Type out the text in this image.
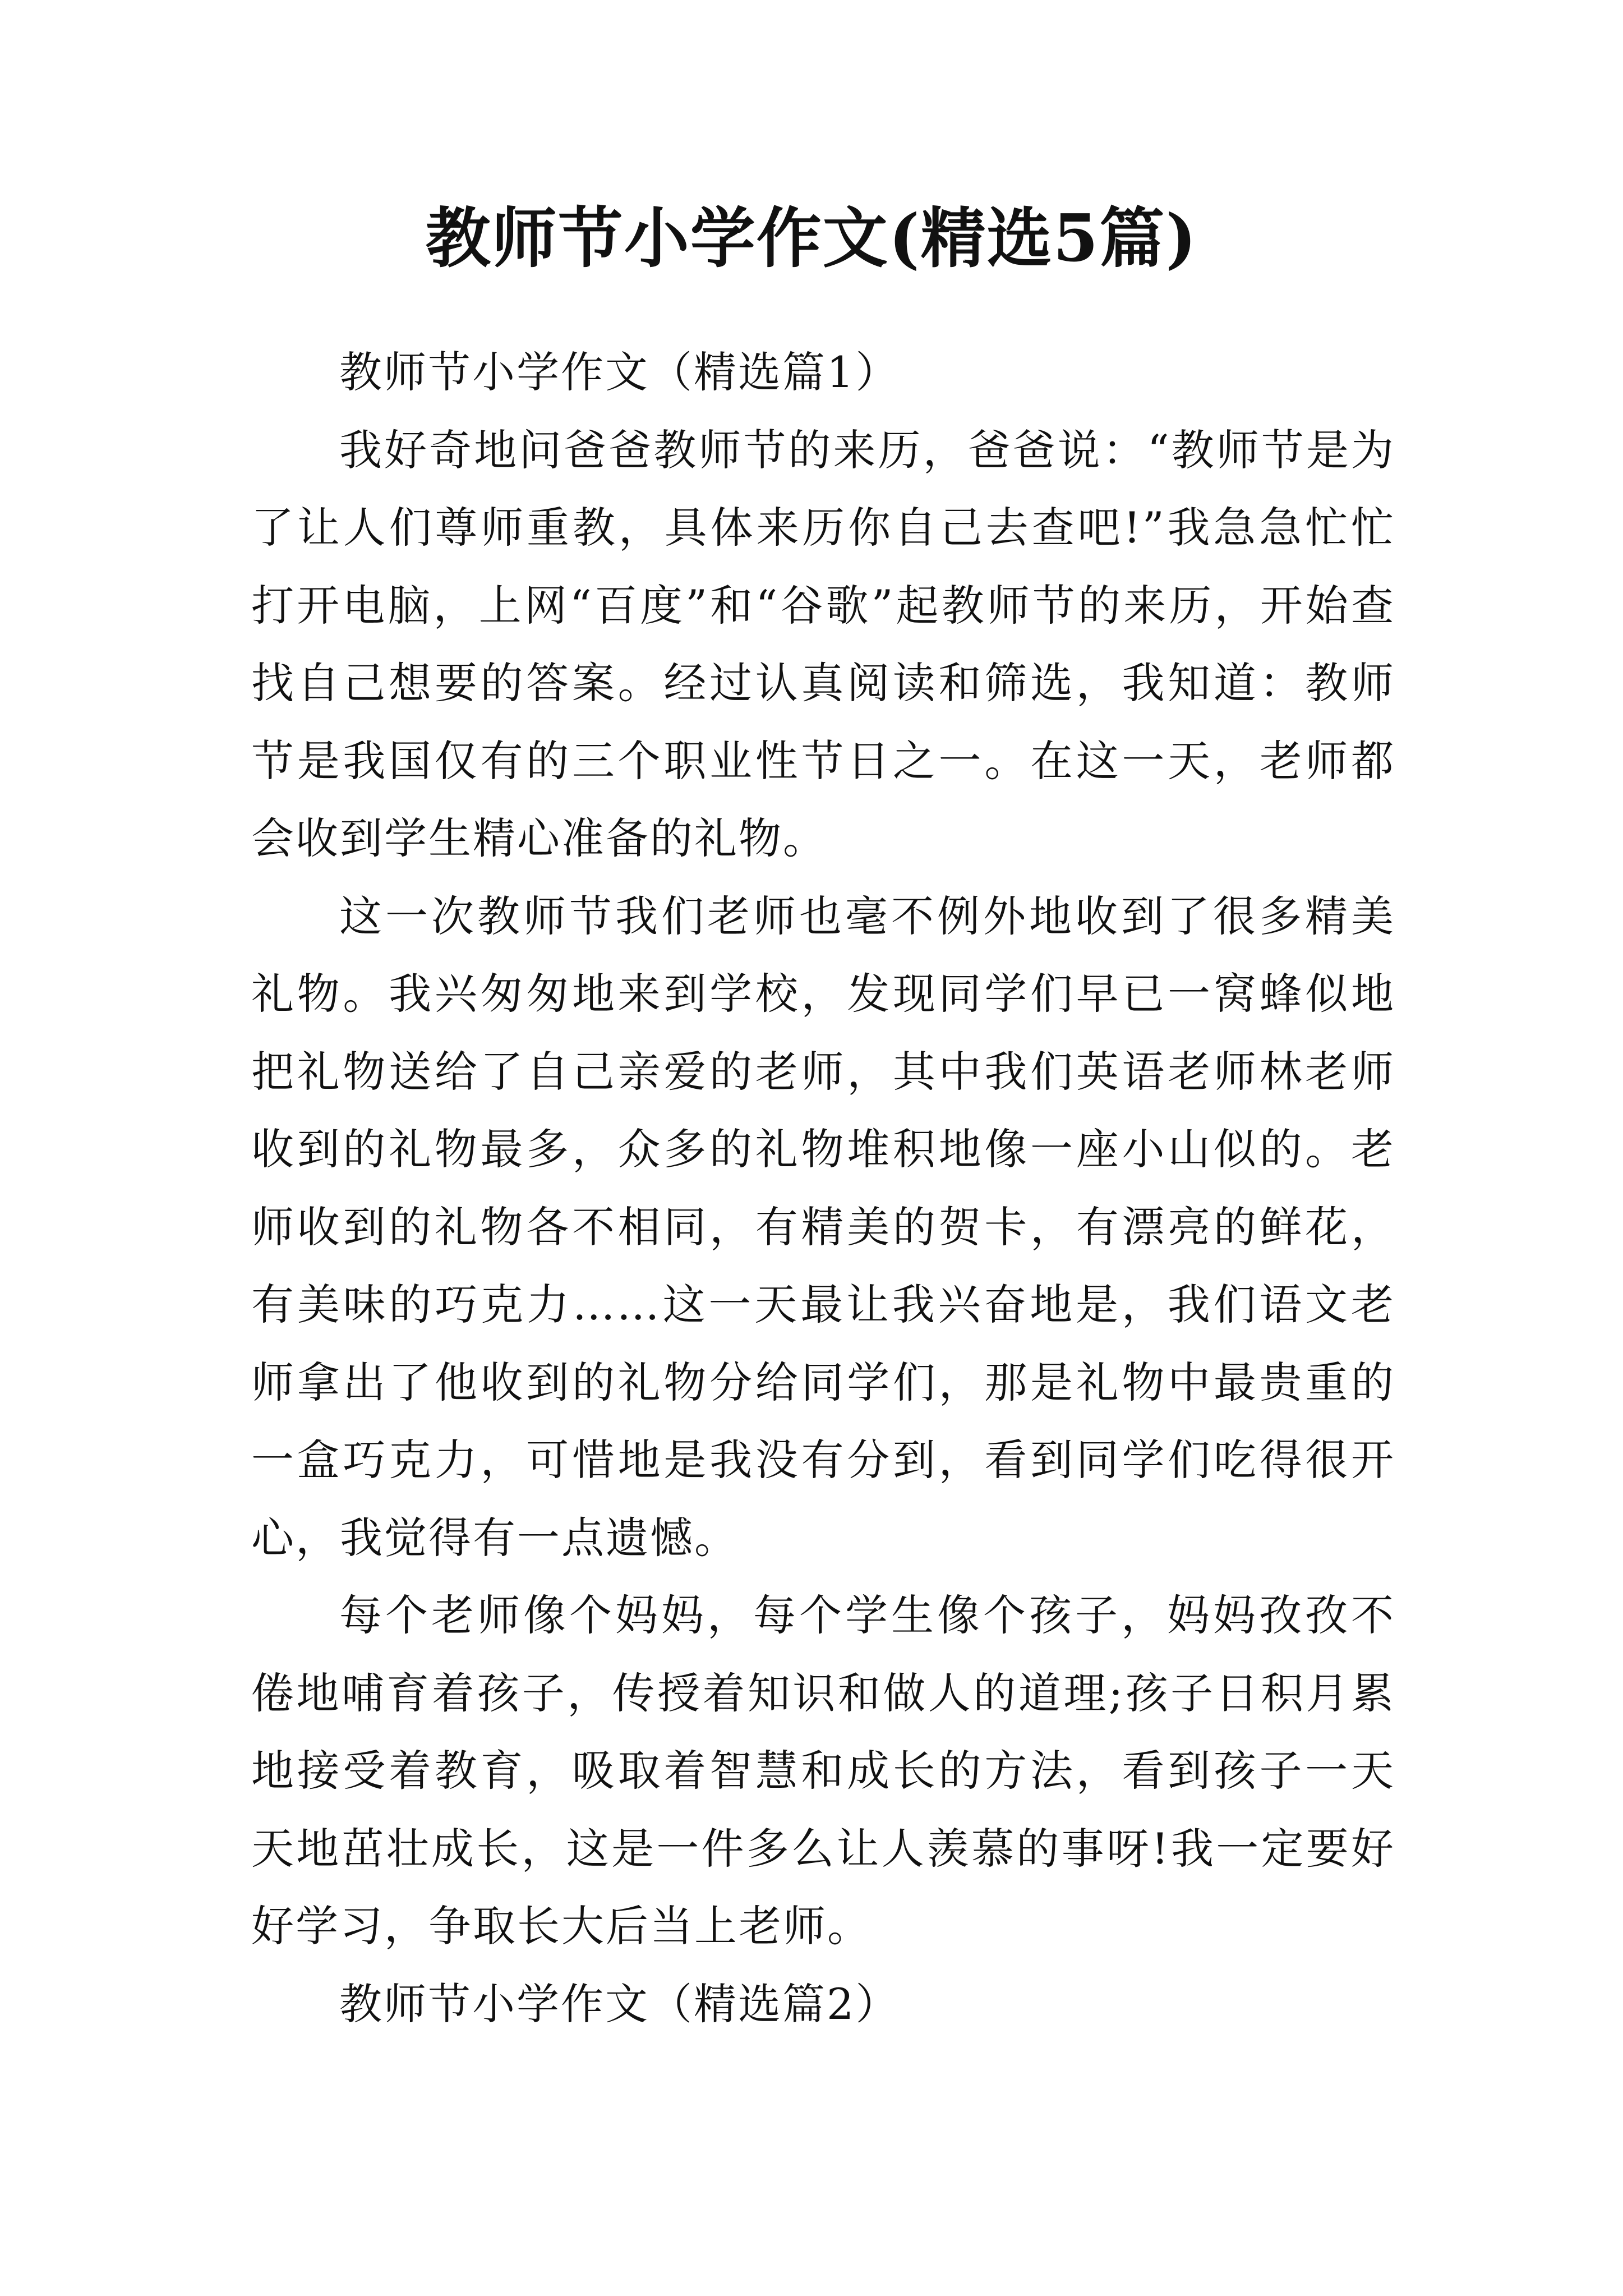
教师节小学作文(精选5篇)

教师节小学作文（精选篇1）

我好奇地问爸爸教师节的来历，爸爸说：“教师节是为了让人们尊师重教，具体来历你自己去查吧!”我急急忙忙打开电脑，上网“百度”和“谷歌”起教师节的来历，开始查找自己想要的答案。经过认真阅读和筛选，我知道：教师节是我国仅有的三个职业性节日之一。在这一天，老师都会收到学生精心准备的礼物。

这一次教师节我们老师也毫不例外地收到了很多精美礼物。我兴匆匆地来到学校，发现同学们早已一窝蜂似地把礼物送给了自己亲爱的老师，其中我们英语老师林老师收到的礼物最多，众多的礼物堆积地像一座小山似的。老师收到的礼物各不相同，有精美的贺卡，有漂亮的鲜花，有美味的巧克力……这一天最让我兴奋地是，我们语文老师拿出了他收到的礼物分给同学们，那是礼物中最贵重的一盒巧克力，可惜地是我没有分到，看到同学们吃得很开心，我觉得有一点遗憾。

每个老师像个妈妈，每个学生像个孩子，妈妈孜孜不倦地哺育着孩子，传授着知识和做人的道理;孩子日积月累地接受着教育，吸取着智慧和成长的方法，看到孩子一天天地茁壮成长，这是一件多么让人羡慕的事呀!我一定要好好学习，争取长大后当上老师。

教师节小学作文（精选篇2）
